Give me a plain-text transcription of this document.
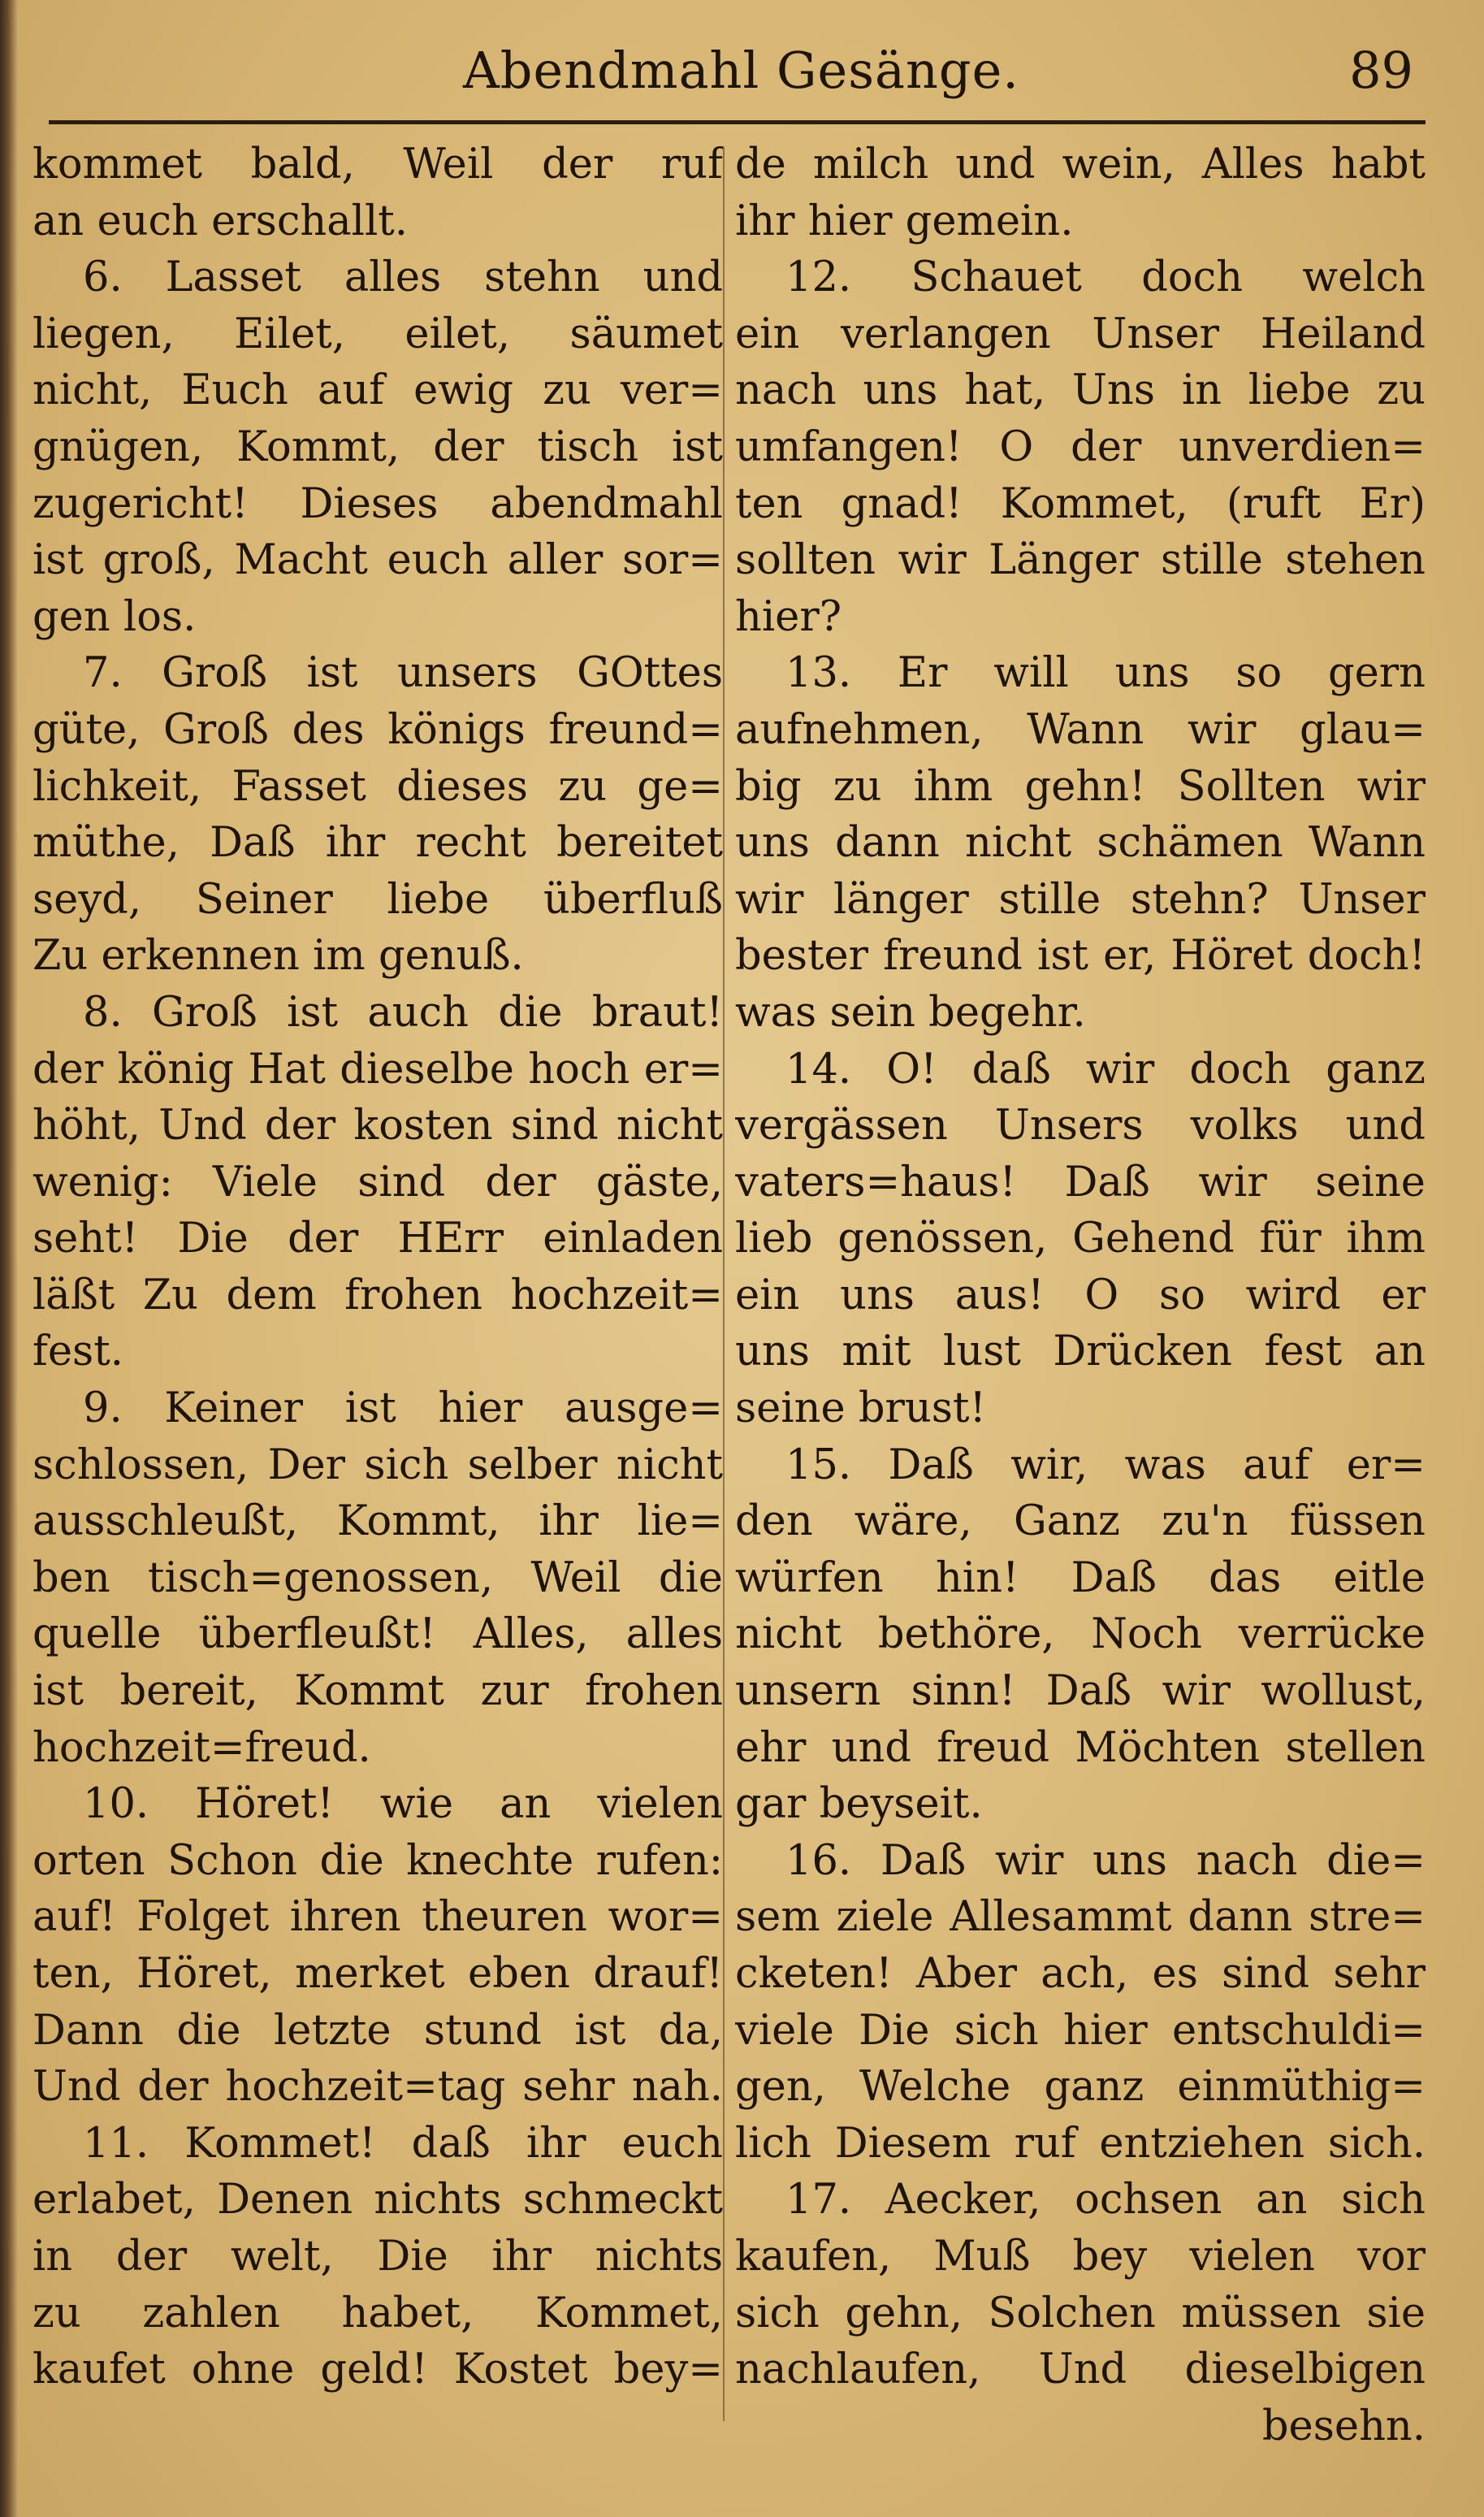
Abendmahl Gesänge.	89
kommet bald, Weil der ruf
an euch erschallt.
6. Lasset alles stehn und
liegen, Eilet, eilet, säumet
nicht, Euch auf ewig zu ver=
gnügen, Kommt, der tisch ist
zugericht! Dieses abendmahl
ist groß, Macht euch aller sor=
gen los.
7. Groß ist unsers GOttes
güte, Groß des königs freund=
lichkeit, Fasset dieses zu ge=
müthe, Daß ihr recht bereitet
seyd, Seiner liebe überfluß
Zu erkennen im genuß.
8. Groß ist auch die braut!
der könig Hat dieselbe hoch er=
höht, Und der kosten sind nicht
wenig: Viele sind der gäste,
seht! Die der HErr einladen
läßt Zu dem frohen hochzeit=
fest.
9. Keiner ist hier ausge=
schlossen, Der sich selber nicht
ausschleußt, Kommt, ihr lie=
ben tisch=genossen, Weil die
quelle überfleußt! Alles, alles
ist bereit, Kommt zur frohen
hochzeit=freud.
10. Höret! wie an vielen
orten Schon die knechte rufen:
auf! Folget ihren theuren wor=
ten, Höret, merket eben drauf!
Dann die letzte stund ist da,
Und der hochzeit=tag sehr nah.
11. Kommet! daß ihr euch
erlabet, Denen nichts schmeckt
in der welt, Die ihr nichts
zu zahlen habet, Kommet,
kaufet ohne geld! Kostet bey=
de milch und wein, Alles habt
ihr hier gemein.
12. Schauet doch welch
ein verlangen Unser Heiland
nach uns hat, Uns in liebe zu
umfangen! O der unverdien=
ten gnad! Kommet, (ruft Er)
sollten wir Länger stille stehen
hier?
13. Er will uns so gern
aufnehmen, Wann wir glau=
big zu ihm gehn! Sollten wir
uns dann nicht schämen Wann
wir länger stille stehn? Unser
bester freund ist er, Höret doch!
was sein begehr.
14. O! daß wir doch ganz
vergässen Unsers volks und
vaters=haus! Daß wir seine
lieb genössen, Gehend für ihm
ein uns aus! O so wird er
uns mit lust Drücken fest an
seine brust!
15. Daß wir, was auf er=
den wäre, Ganz zu'n füssen
würfen hin! Daß das eitle
nicht bethöre, Noch verrücke
unsern sinn! Daß wir wollust,
ehr und freud Möchten stellen
gar beyseit.
16. Daß wir uns nach die=
sem ziele Allesammt dann stre=
cketen! Aber ach, es sind sehr
viele Die sich hier entschuldi=
gen, Welche ganz einmüthig=
lich Diesem ruf entziehen sich.
17. Aecker, ochsen an sich
kaufen, Muß bey vielen vor
sich gehn, Solchen müssen sie
nachlaufen, Und dieselbigen
besehn.
